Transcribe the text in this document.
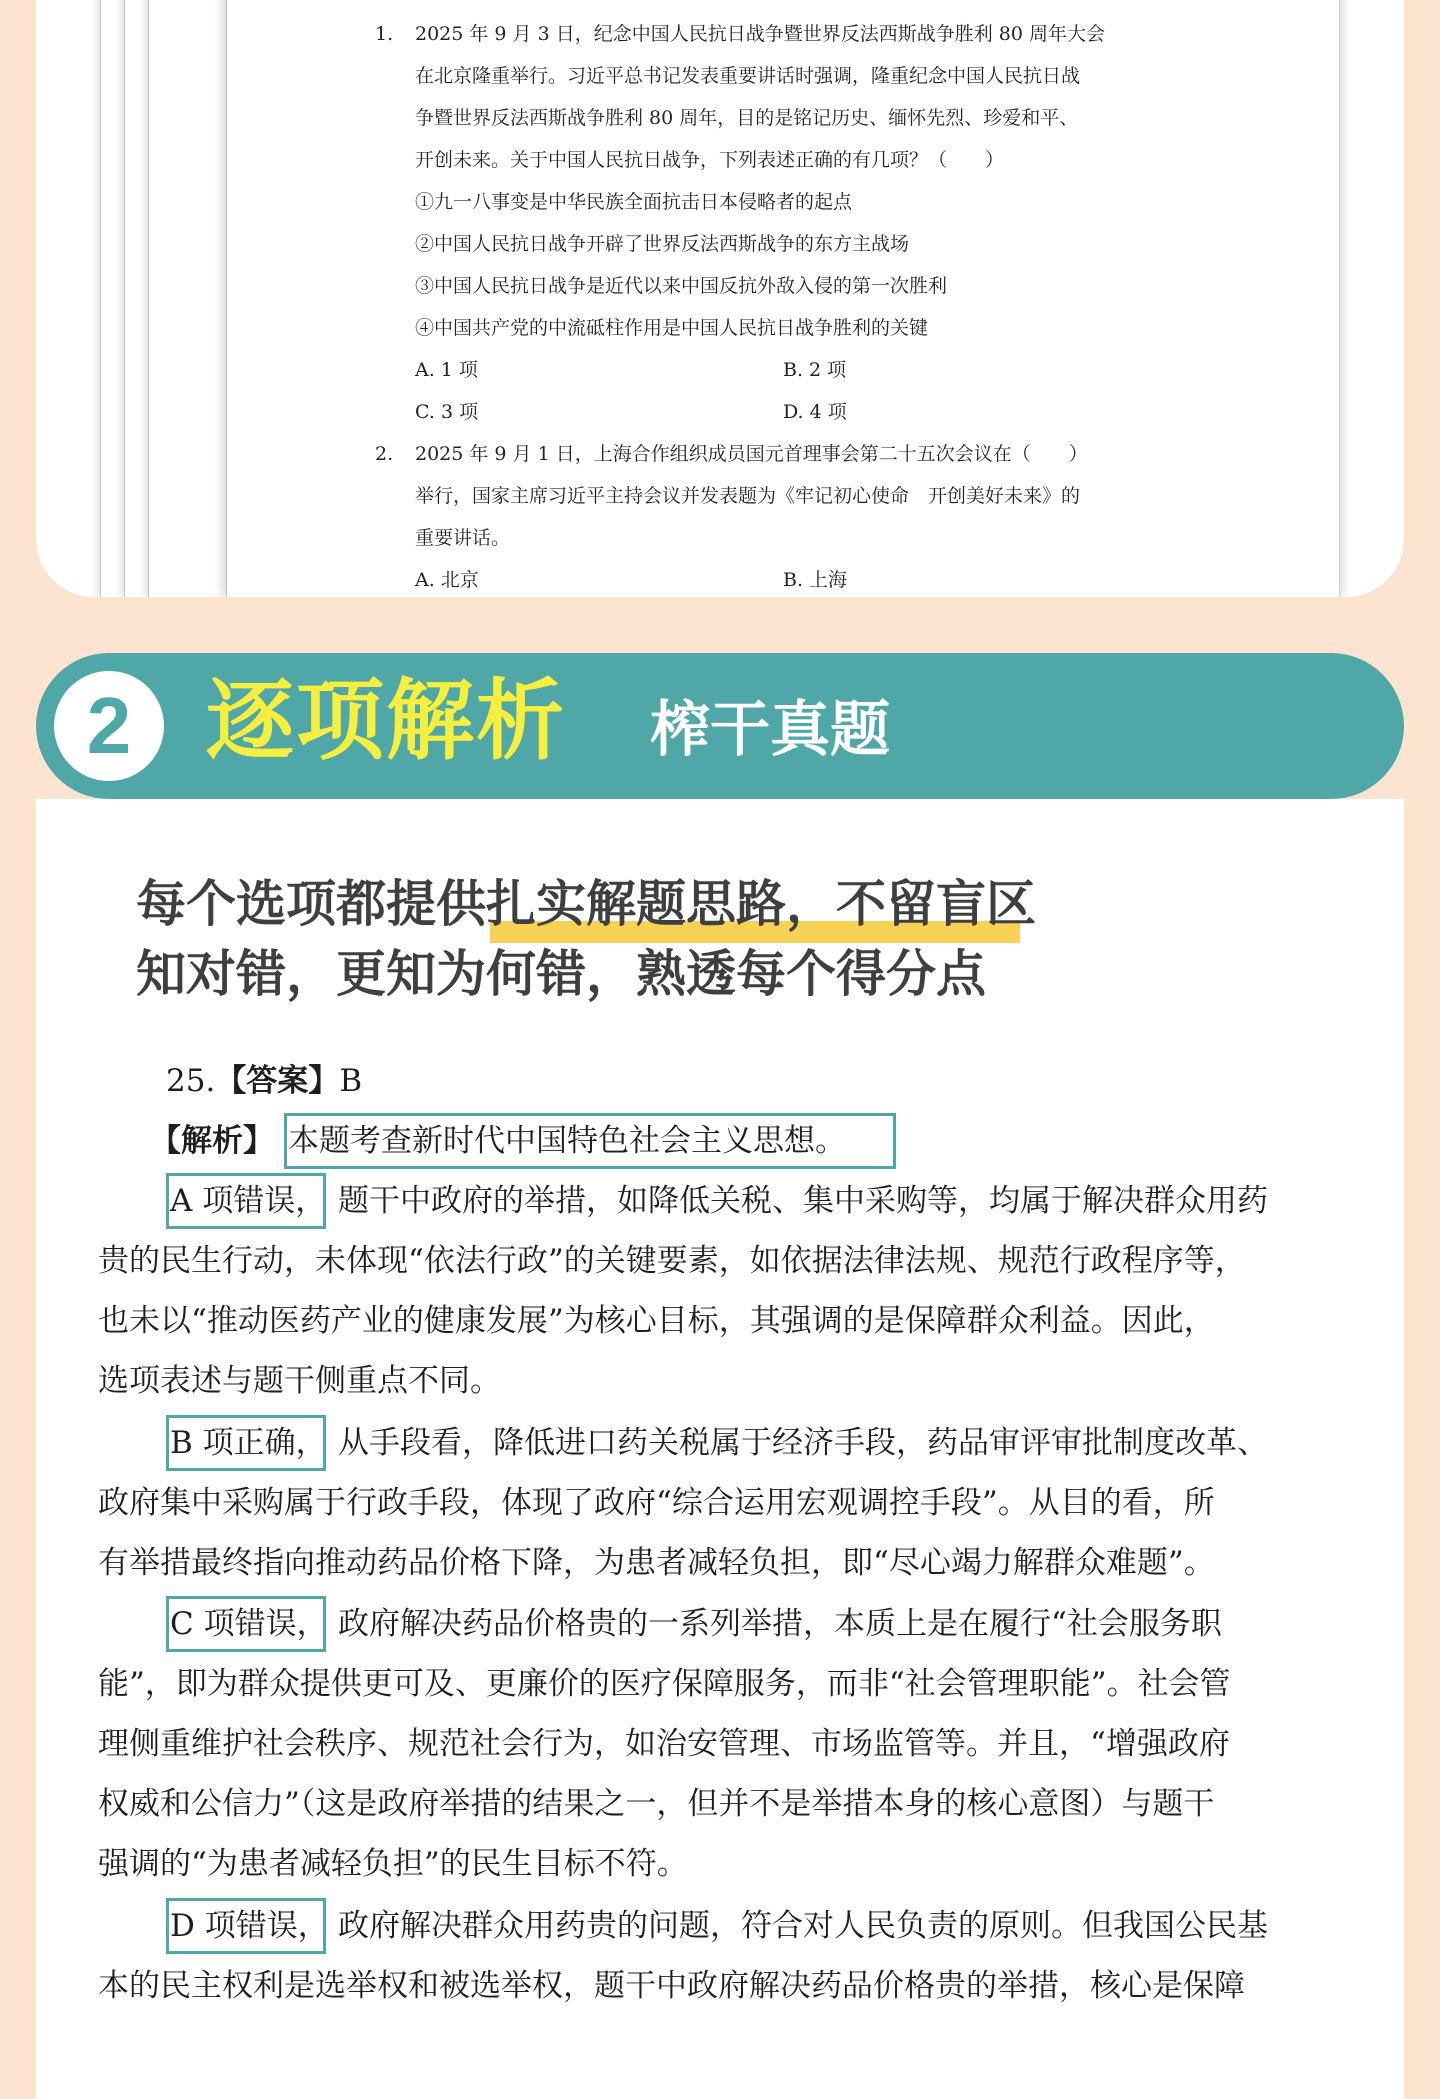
1. 2025 年 9 月 3 日，纪念中国人民抗日战争暨世界反法西斯战争胜利 80 周年大会
在北京隆重举行。习近平总书记发表重要讲话时强调，隆重纪念中国人民抗日战
争暨世界反法西斯战争胜利 80 周年，目的是铭记历史、缅怀先烈、珍爱和平、
开创未来。关于中国人民抗日战争，下列表述正确的有几项？（　　）
①九一八事变是中华民族全面抗击日本侵略者的起点
②中国人民抗日战争开辟了世界反法西斯战争的东方主战场
③中国人民抗日战争是近代以来中国反抗外敌入侵的第一次胜利
④中国共产党的中流砥柱作用是中国人民抗日战争胜利的关键
A. 1 项	B. 2 项
C. 3 项	D. 4 项
2. 2025 年 9 月 1 日，上海合作组织成员国元首理事会第二十五次会议在（　　）
举行，国家主席习近平主持会议并发表题为《牢记初心使命　开创美好未来》的
重要讲话。
A. 北京	B. 上海
2 逐项解析 榨干真题
每个选项都提供扎实解题思路，不留盲区
知对错，更知为何错，熟透每个得分点
25.【答案】B
【解析】 本题考查新时代中国特色社会主义思想。
A 项错误， 题干中政府的举措，如降低关税、集中采购等，均属于解决群众用药
贵的民生行动，未体现“依法行政”的关键要素，如依据法律法规、规范行政程序等，
也未以“推动医药产业的健康发展”为核心目标，其强调的是保障群众利益。因此，
选项表述与题干侧重点不同。
B 项正确， 从手段看，降低进口药关税属于经济手段，药品审评审批制度改革、
政府集中采购属于行政手段，体现了政府“综合运用宏观调控手段”。从目的看，所
有举措最终指向推动药品价格下降，为患者减轻负担，即“尽心竭力解群众难题”。
C 项错误， 政府解决药品价格贵的一系列举措，本质上是在履行“社会服务职
能”，即为群众提供更可及、更廉价的医疗保障服务，而非“社会管理职能”。社会管
理侧重维护社会秩序、规范社会行为，如治安管理、市场监管等。并且，“增强政府
权威和公信力”（这是政府举措的结果之一，但并不是举措本身的核心意图）与题干
强调的“为患者减轻负担”的民生目标不符。
D 项错误， 政府解决群众用药贵的问题，符合对人民负责的原则。但我国公民基
本的民主权利是选举权和被选举权，题干中政府解决药品价格贵的举措，核心是保障
